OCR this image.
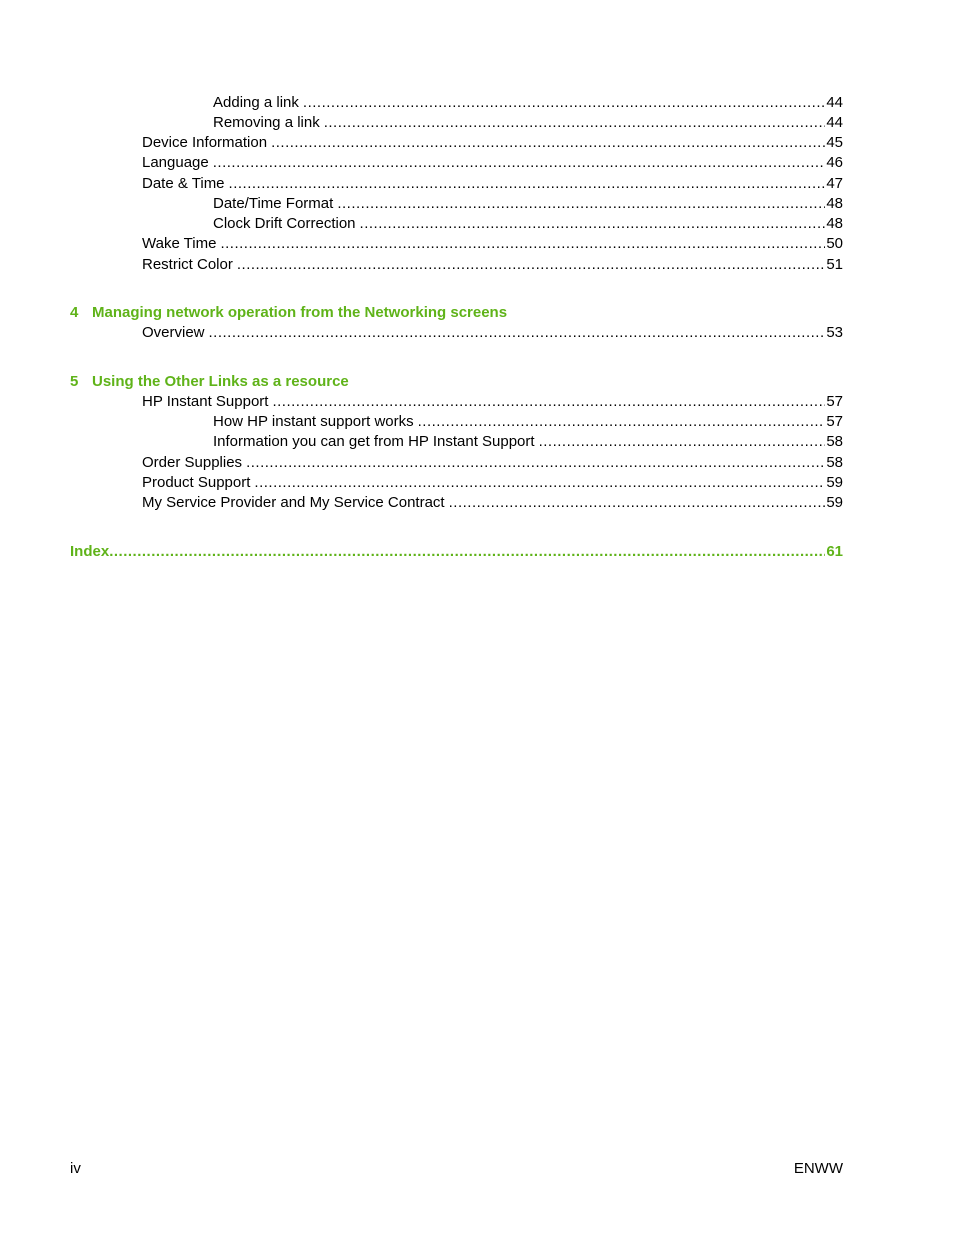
Adding a link .....	44
Removing a link .....	44
Device Information .....	45
Language .....	46
Date & Time .....	47
Date/Time Format .....	48
Clock Drift Correction .....	48
Wake Time .....	50
Restrict Color .....	51
4 Managing network operation from the Networking screens
Overview .....	53
5 Using the Other Links as a resource
HP Instant Support .....	57
How HP instant support works .....	57
Information you can get from HP Instant Support .....	58
Order Supplies .....	58
Product Support .....	59
My Service Provider and My Service Contract .....	59
Index .....	61
iv	ENWW
